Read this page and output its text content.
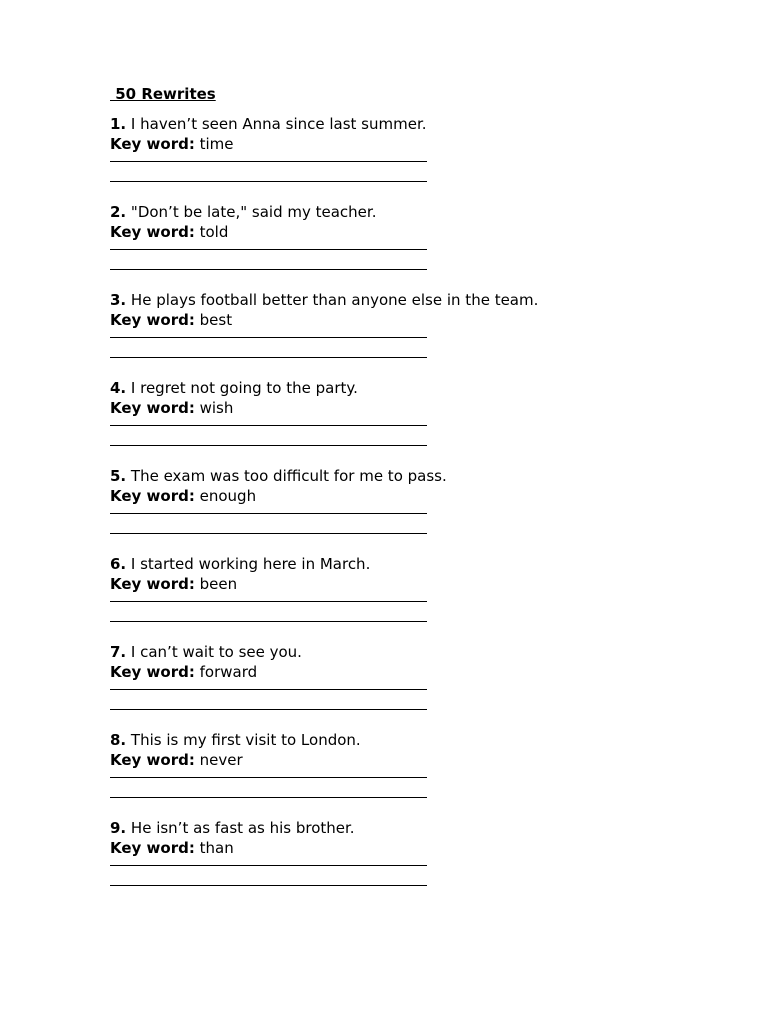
50 Rewrites

1. I haven’t seen Anna since last summer.

Key word: time

2. "Don’t be late," said my teacher.

Key word: told

3. He plays football better than anyone else in the team.

Key word: best

4. I regret not going to the party.

Key word: wish

5. The exam was too difficult for me to pass.

Key word: enough

6. I started working here in March.

Key word: been

7. I can’t wait to see you.

Key word: forward

8. This is my first visit to London.

Key word: never

9. He isn’t as fast as his brother.

Key word: than
